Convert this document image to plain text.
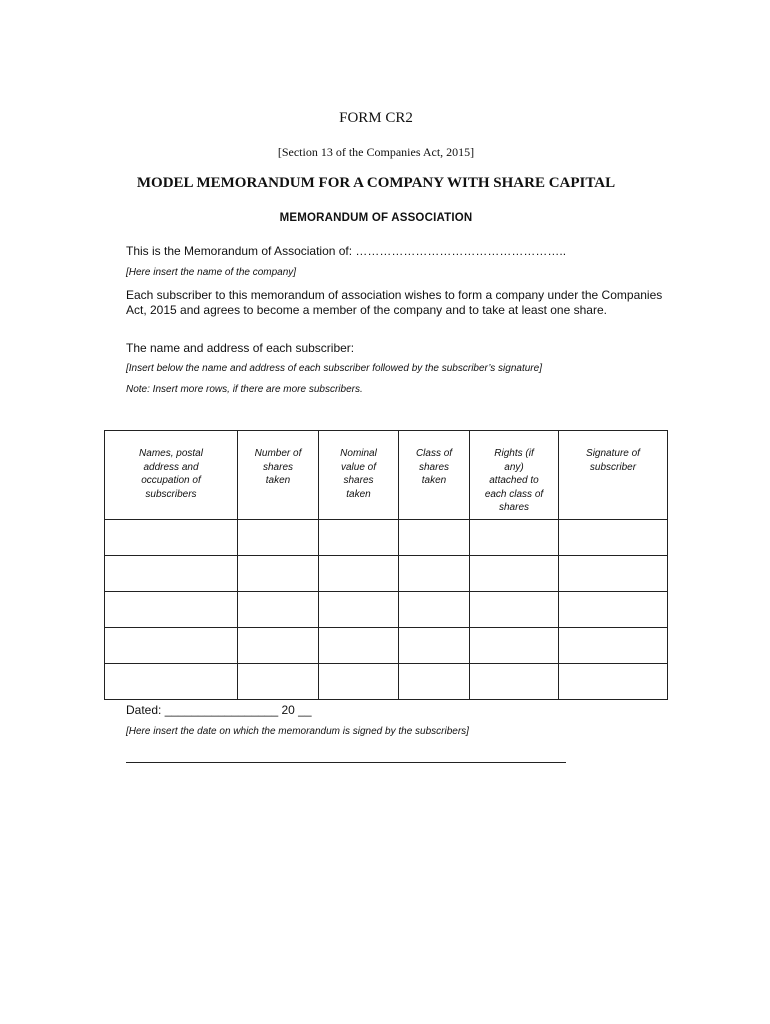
FORM CR2
[Section 13 of the Companies Act, 2015]
MODEL MEMORANDUM FOR A COMPANY WITH SHARE CAPITAL
MEMORANDUM OF ASSOCIATION
This is the Memorandum of Association of: ……………………………………………..
[Here insert the name of the company]
Each subscriber to this memorandum of association wishes to form a company under the Companies Act, 2015 and agrees to become a member of the company and to take at least one share.
The name and address of each subscriber:
[Insert below the name and address of each subscriber followed by the subscriber’s signature]
Note: Insert more rows, if there are more subscribers.
Names, postal address and occupation of subscribers	Number of shares taken	Nominal value of shares taken	Class of shares taken	Rights (if any) attached to each class of shares	Signature of subscriber

Dated: _________________ 20 __
[Here insert the date on which the memorandum is signed by the subscribers]
